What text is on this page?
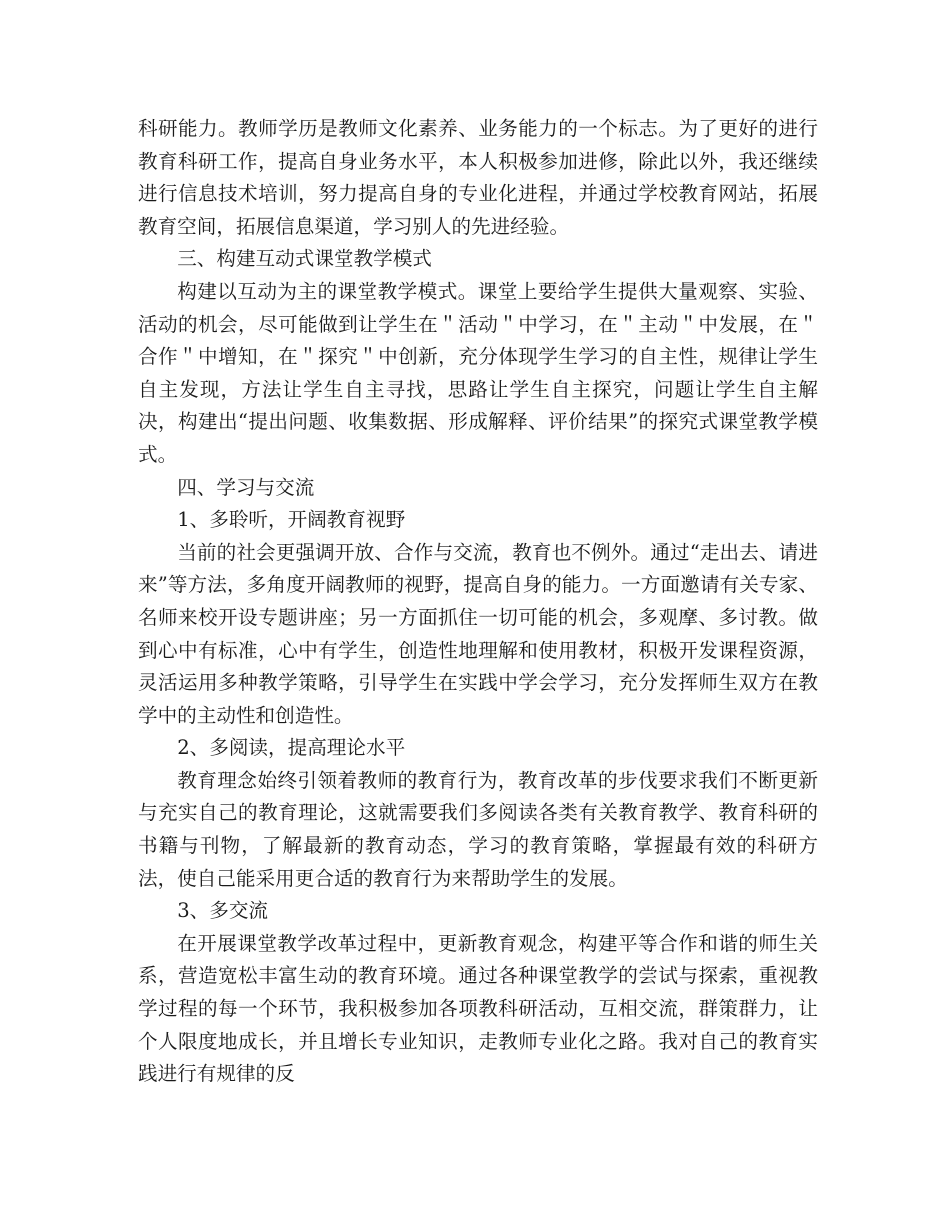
科研能力。教师学历是教师文化素养、业务能力的一个标志。为了更好的进行教育科研工作，提高自身业务水平，本人积极参加进修，除此以外，我还继续进行信息技术培训，努力提高自身的专业化进程，并通过学校教育网站，拓展教育空间，拓展信息渠道，学习别人的先进经验。

三、构建互动式课堂教学模式

构建以互动为主的课堂教学模式。课堂上要给学生提供大量观察、实验、活动的机会，尽可能做到让学生在＂活动＂中学习，在＂主动＂中发展，在＂合作＂中增知，在＂探究＂中创新，充分体现学生学习的自主性，规律让学生自主发现，方法让学生自主寻找，思路让学生自主探究，问题让学生自主解决，构建出“提出问题、收集数据、形成解释、评价结果”的探究式课堂教学模式。

四、学习与交流

1、多聆听，开阔教育视野

当前的社会更强调开放、合作与交流，教育也不例外。通过“走出去、请进来”等方法，多角度开阔教师的视野，提高自身的能力。一方面邀请有关专家、名师来校开设专题讲座；另一方面抓住一切可能的机会，多观摩、多讨教。做到心中有标准，心中有学生，创造性地理解和使用教材，积极开发课程资源，灵活运用多种教学策略，引导学生在实践中学会学习，充分发挥师生双方在教学中的主动性和创造性。

2、多阅读，提高理论水平

教育理念始终引领着教师的教育行为，教育改革的步伐要求我们不断更新与充实自己的教育理论，这就需要我们多阅读各类有关教育教学、教育科研的书籍与刊物，了解最新的教育动态，学习的教育策略，掌握最有效的科研方法，使自己能采用更合适的教育行为来帮助学生的发展。

3、多交流

在开展课堂教学改革过程中，更新教育观念，构建平等合作和谐的师生关系，营造宽松丰富生动的教育环境。通过各种课堂教学的尝试与探索，重视教学过程的每一个环节，我积极参加各项教科研活动，互相交流，群策群力，让个人限度地成长，并且增长专业知识，走教师专业化之路。我对自己的教育实践进行有规律的反
